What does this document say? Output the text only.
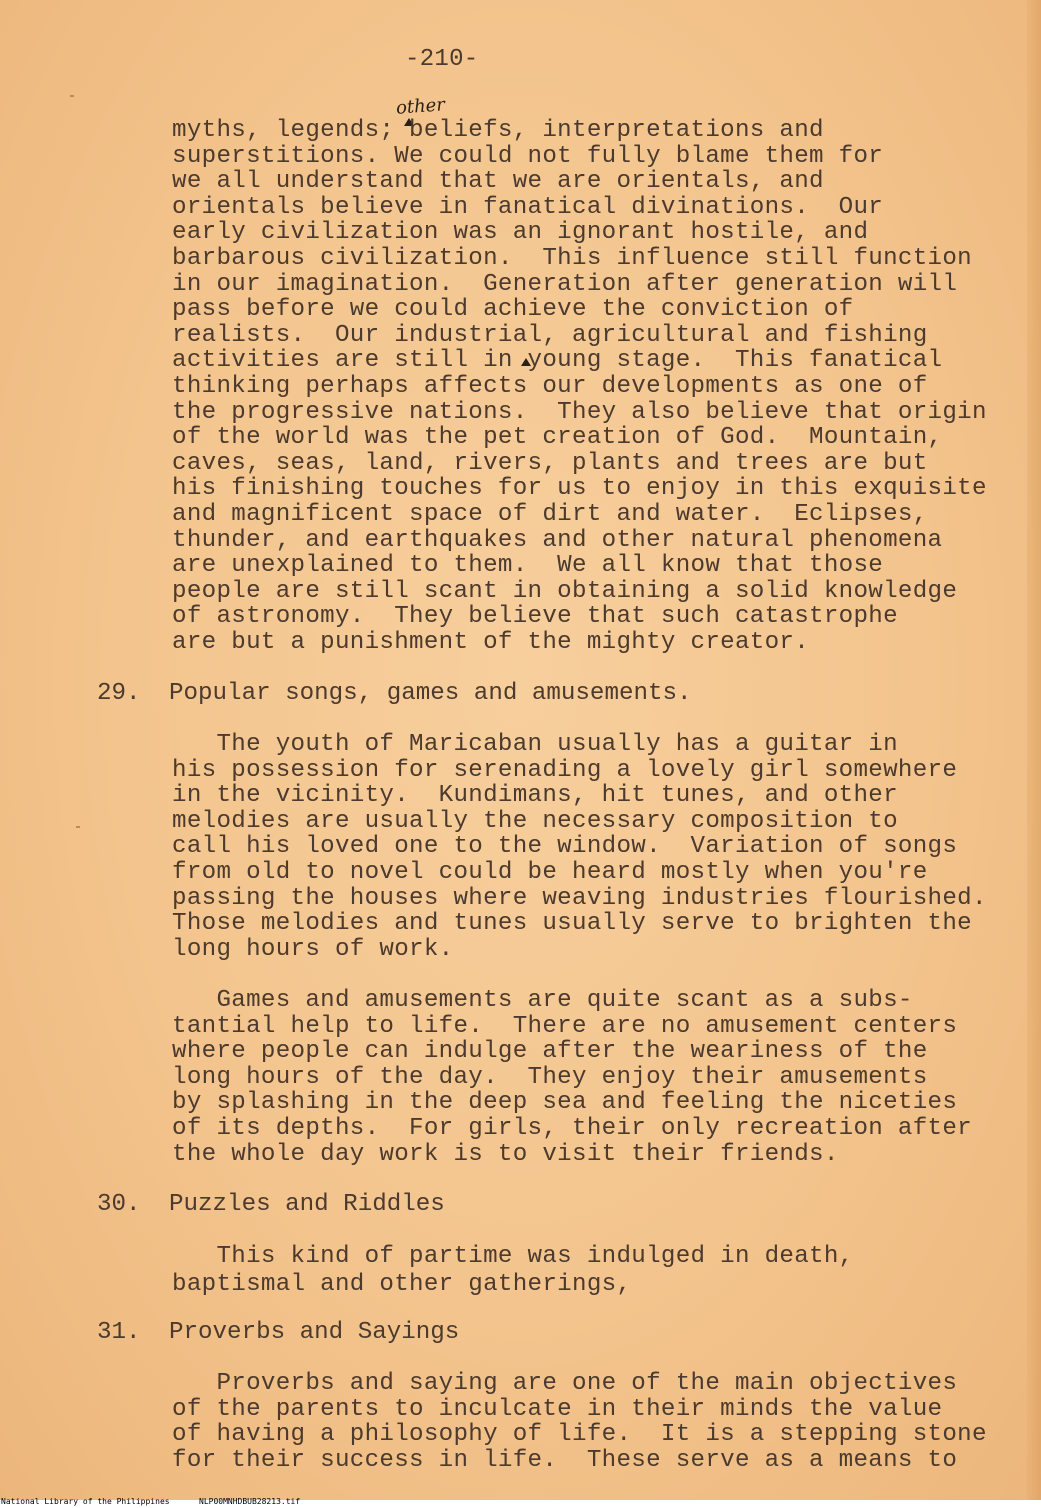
-210-
other
myths, legends; beliefs, interpretations and
superstitions. We could not fully blame them for
we all understand that we are orientals, and
orientals believe in fanatical divinations.  Our
early civilization was an ignorant hostile, and
barbarous civilization.  This influence still function
in our imagination.  Generation after generation will
pass before we could achieve the conviction of
realists.  Our industrial, agricultural and fishing
activities are still in young stage.  This fanatical
thinking perhaps affects our developments as one of
the progressive nations.  They also believe that origin
of the world was the pet creation of God.  Mountain,
caves, seas, land, rivers, plants and trees are but
his finishing touches for us to enjoy in this exquisite
and magnificent space of dirt and water.  Eclipses,
thunder, and earthquakes and other natural phenomena
are unexplained to them.  We all know that those
people are still scant in obtaining a solid knowledge
of astronomy.  They believe that such catastrophe
are but a punishment of the mighty creator.
29. Popular songs, games and amusements.
The youth of Maricaban usually has a guitar in
his possession for serenading a lovely girl somewhere
in the vicinity.  Kundimans, hit tunes, and other
melodies are usually the necessary composition to
call his loved one to the window.  Variation of songs
from old to novel could be heard mostly when you're
passing the houses where weaving industries flourished.
Those melodies and tunes usually serve to brighten the
long hours of work.
Games and amusements are quite scant as a subs-
tantial help to life.  There are no amusement centers
where people can indulge after the weariness of the
long hours of the day.  They enjoy their amusements
by splashing in the deep sea and feeling the niceties
of its depths.  For girls, their only recreation after
the whole day work is to visit their friends.
30. Puzzles and Riddles
This kind of partime was indulged in death,
baptismal and other gatherings,
31. Proverbs and Sayings
Proverbs and saying are one of the main objectives
of the parents to inculcate in their minds the value
of having a philosophy of life.  It is a stepping stone
for their success in life.  These serve as a means to
National Library of the Philippines	NLP00MNHDBUB28213.tif
